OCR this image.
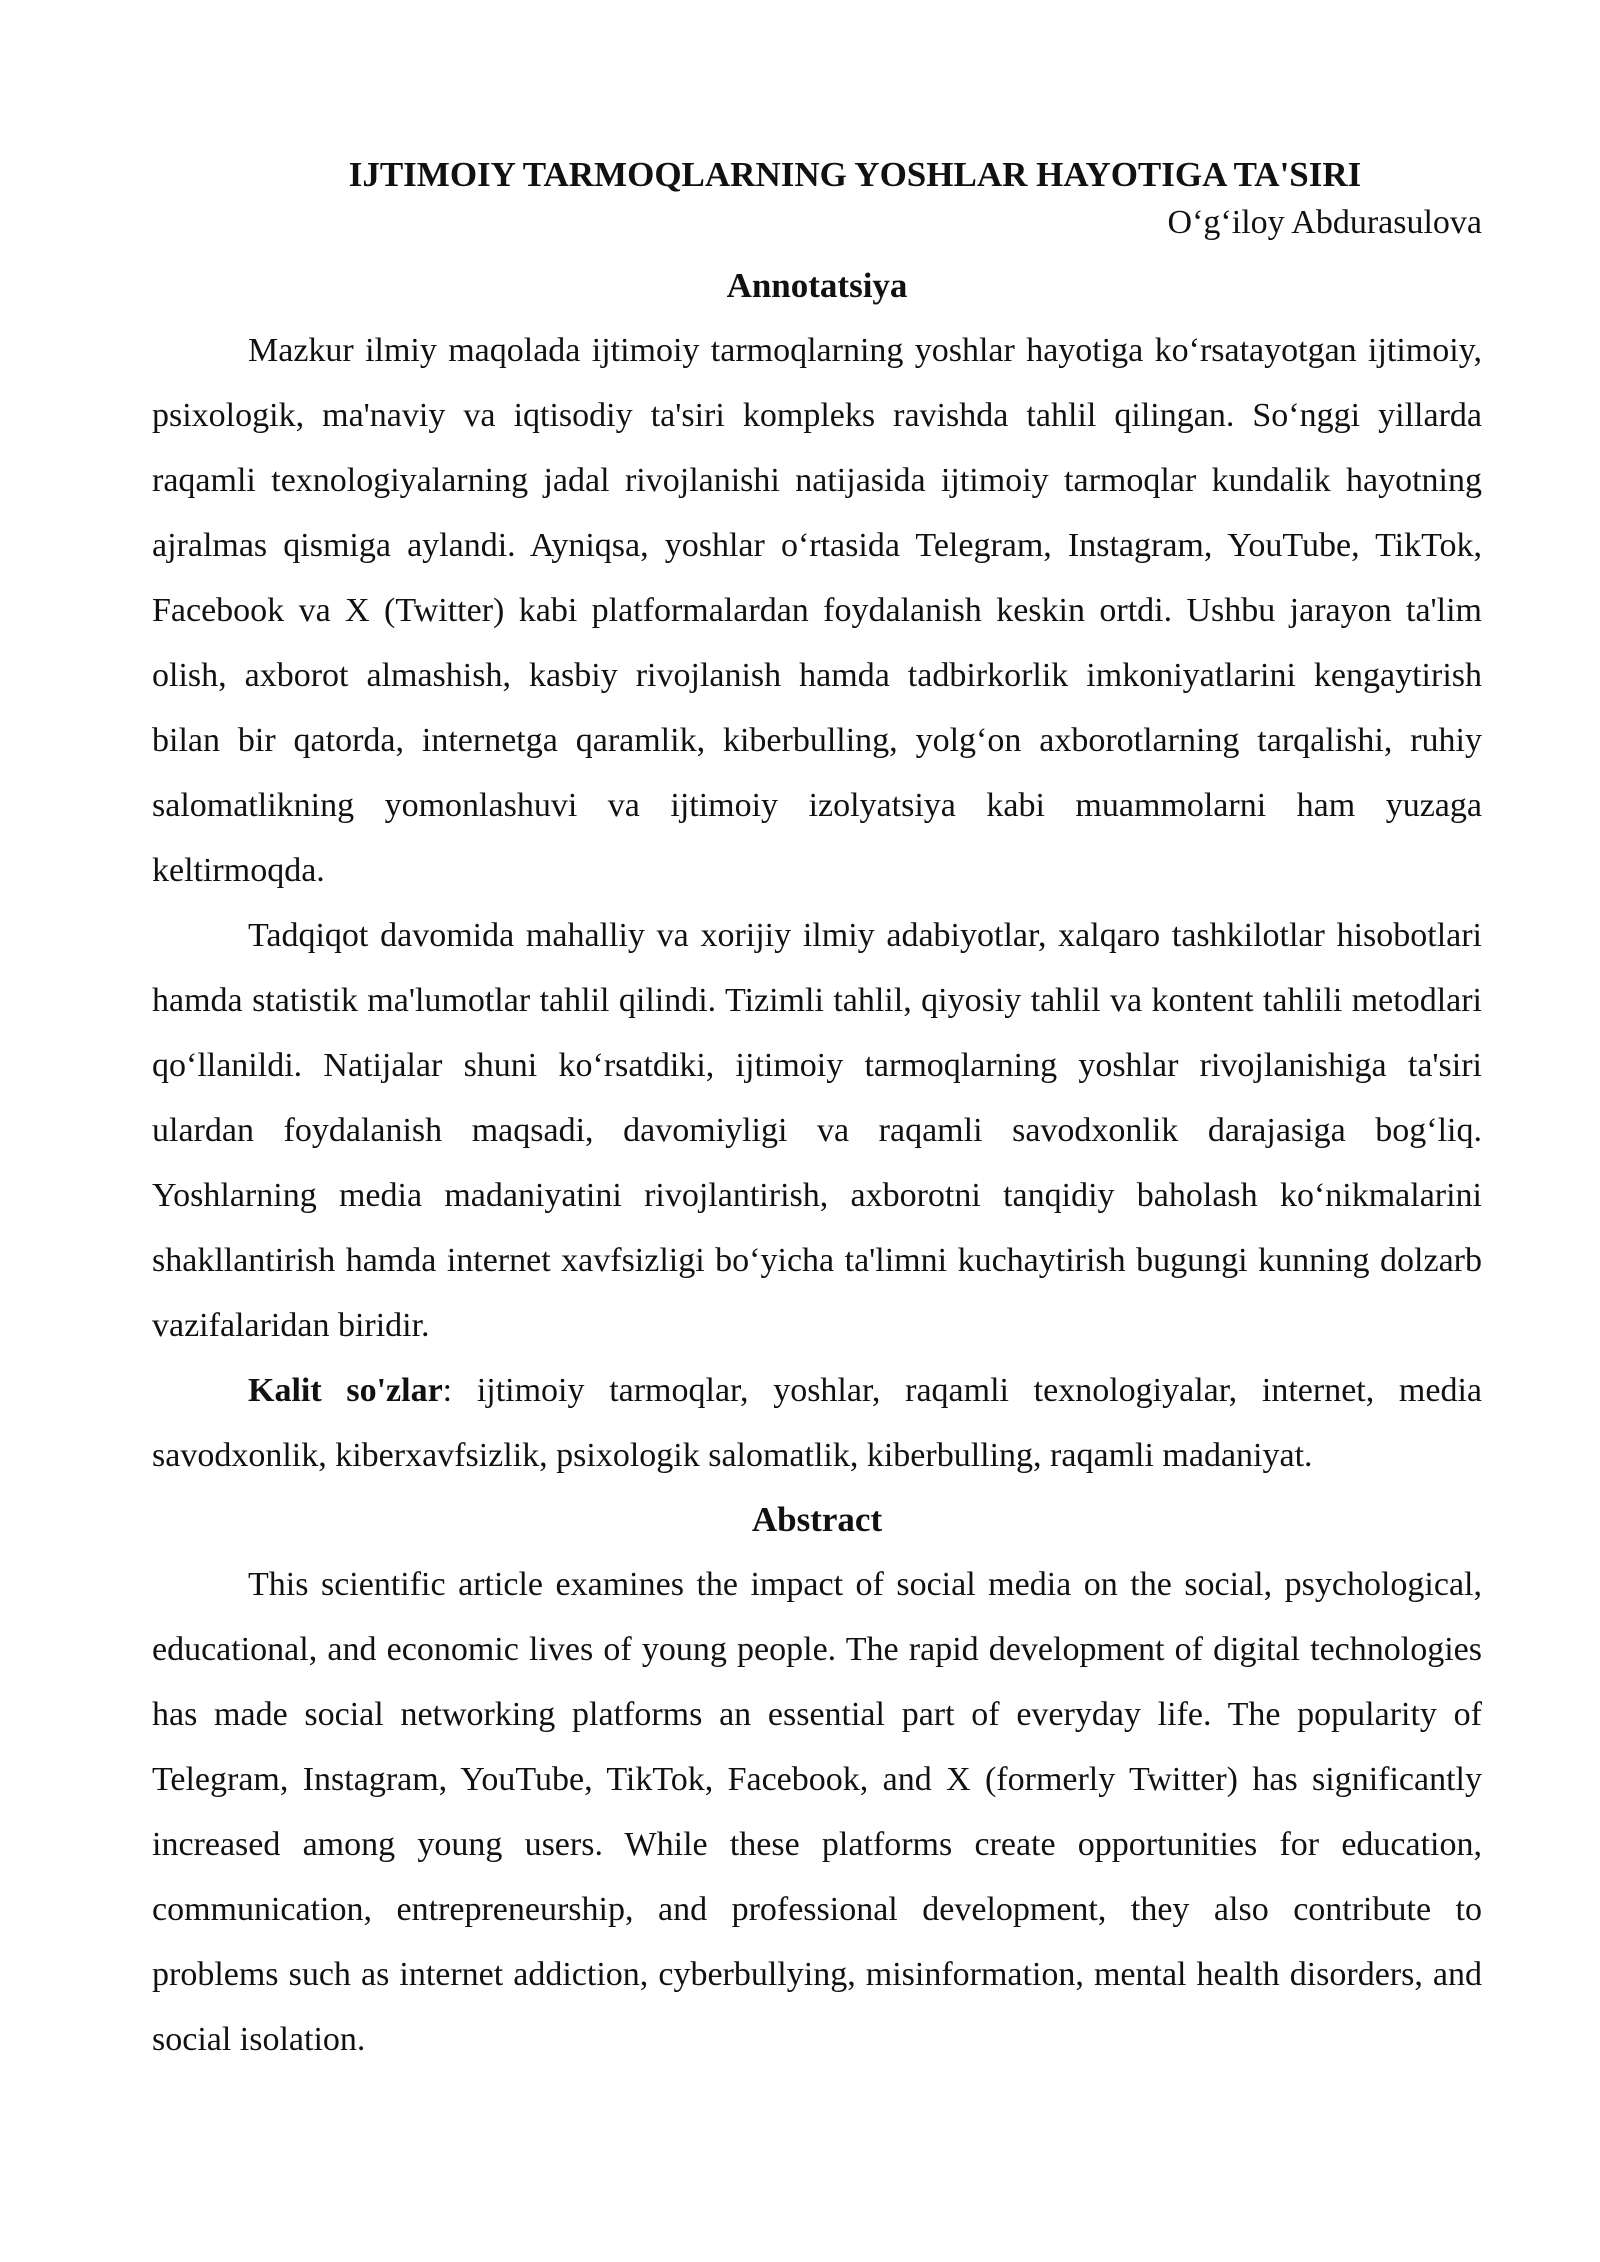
IJTIMOIY TARMOQLARNING YOSHLAR HAYOTIGA TA'SIRI

O‘g‘iloy Abdurasulova

Annotatsiya

Mazkur ilmiy maqolada ijtimoiy tarmoqlarning yoshlar hayotiga ko‘rsatayotgan ijtimoiy, psixologik, ma'naviy va iqtisodiy ta'siri kompleks ravishda tahlil qilingan. So‘nggi yillarda raqamli texnologiyalarning jadal rivojlanishi natijasida ijtimoiy tarmoqlar kundalik hayotning ajralmas qismiga aylandi. Ayniqsa, yoshlar o‘rtasida Telegram, Instagram, YouTube, TikTok, Facebook va X (Twitter) kabi platformalardan foydalanish keskin ortdi. Ushbu jarayon ta'lim olish, axborot almashish, kasbiy rivojlanish hamda tadbirkorlik imkoniyatlarini kengaytirish bilan bir qatorda, internetga qaramlik, kiberbulling, yolg‘on axborotlarning tarqalishi, ruhiy salomatlikning yomonlashuvi va ijtimoiy izolyatsiya kabi muammolarni ham yuzaga keltirmoqda.

Tadqiqot davomida mahalliy va xorijiy ilmiy adabiyotlar, xalqaro tashkilotlar hisobotlari hamda statistik ma'lumotlar tahlil qilindi. Tizimli tahlil, qiyosiy tahlil va kontent tahlili metodlari qo‘llanildi. Natijalar shuni ko‘rsatdiki, ijtimoiy tarmoqlarning yoshlar rivojlanishiga ta'siri ulardan foydalanish maqsadi, davomiyligi va raqamli savodxonlik darajasiga bog‘liq. Yoshlarning media madaniyatini rivojlantirish, axborotni tanqidiy baholash ko‘nikmalarini shakllantirish hamda internet xavfsizligi bo‘yicha ta'limni kuchaytirish bugungi kunning dolzarb vazifalaridan biridir.

Kalit so'zlar: ijtimoiy tarmoqlar, yoshlar, raqamli texnologiyalar, internet, media savodxonlik, kiberxavfsizlik, psixologik salomatlik, kiberbulling, raqamli madaniyat.

Abstract

This scientific article examines the impact of social media on the social, psychological, educational, and economic lives of young people. The rapid development of digital technologies has made social networking platforms an essential part of everyday life. The popularity of Telegram, Instagram, YouTube, TikTok, Facebook, and X (formerly Twitter) has significantly increased among young users. While these platforms create opportunities for education, communication, entrepreneurship, and professional development, they also contribute to problems such as internet addiction, cyberbullying, misinformation, mental health disorders, and social isolation.
